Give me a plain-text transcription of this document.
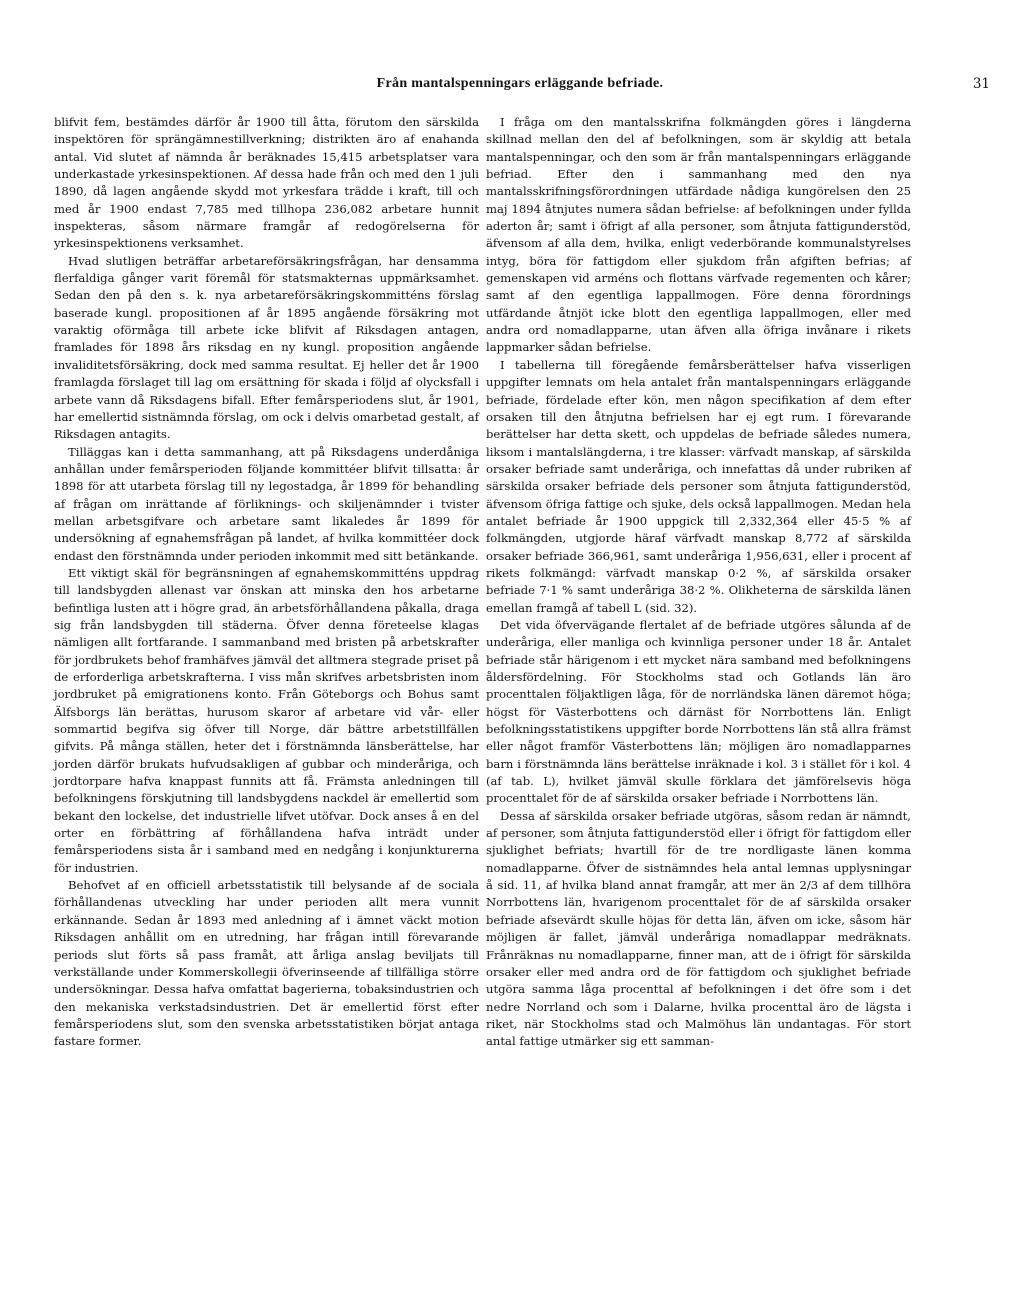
Från mantalspenningars erläggande befriade.	31

blifvit fem, bestämdes därför år 1900 till åtta, förutom den särskilda inspektören för sprängämnestillverkning; distrikten äro af enahanda antal. Vid slutet af nämnda år beräknades 15,415 arbetsplatser vara underkastade yrkesinspektionen. Af dessa hade från och med den 1 juli 1890, då lagen angående skydd mot yrkesfara trädde i kraft, till och med år 1900 endast 7,785 med tillhopa 236,082 arbetare hunnit inspekteras, såsom närmare framgår af redogörelserna för yrkesinspektionens verksamhet.

Hvad slutligen beträffar arbetareförsäkringsfrågan, har densamma flerfaldiga gånger varit föremål för statsmakternas uppmärksamhet. Sedan den på den s. k. nya arbetareförsäkringskommitténs förslag baserade kungl. propositionen af år 1895 angående försäkring mot varaktig oförmåga till arbete icke blifvit af Riksdagen antagen, framlades för 1898 års riksdag en ny kungl. proposition angående invaliditetsförsäkring, dock med samma resultat. Ej heller det år 1900 framlagda förslaget till lag om ersättning för skada i följd af olycksfall i arbete vann då Riksdagens bifall. Efter femårsperiodens slut, år 1901, har emellertid sistnämnda förslag, om ock i delvis omarbetad gestalt, af Riksdagen antagits.

Tilläggas kan i detta sammanhang, att på Riksdagens underdåniga anhållan under femårsperioden följande kommittéer blifvit tillsatta: år 1898 för att utarbeta förslag till ny legostadga, år 1899 för behandling af frågan om inrättande af förliknings- och skiljenämnder i tvister mellan arbetsgifvare och arbetare samt likaledes år 1899 för undersökning af egnahemsfrågan på landet, af hvilka kommittéer dock endast den förstnämnda under perioden inkommit med sitt betänkande.

Ett viktigt skäl för begränsningen af egnahemskommitténs uppdrag till landsbygden allenast var önskan att minska den hos arbetarne befintliga lusten att i högre grad, än arbetsförhållandena påkalla, draga sig från landsbygden till städerna. Öfver denna företeelse klagas nämligen allt fortfarande. I sammanband med bristen på arbetskrafter för jordbrukets behof framhäfves jämväl det alltmera stegrade priset på de erforderliga arbetskrafterna. I viss mån skrifves arbetsbristen inom jordbruket på emigrationens konto. Från Göteborgs och Bohus samt Älfsborgs län berättas, hurusom skaror af arbetare vid vår- eller sommartid begifva sig öfver till Norge, där bättre arbetstillfällen gifvits. På många ställen, heter det i förstnämnda länsberättelse, har jorden därför brukats hufvudsakligen af gubbar och minderåriga, och jordtorpare hafva knappast funnits att få. Främsta anledningen till befolkningens förskjutning till landsbygdens nackdel är emellertid som bekant den lockelse, det industrielle lifvet utöfvar. Dock anses å en del orter en förbättring af förhållandena hafva inträdt under femårsperiodens sista år i samband med en nedgång i konjunkturerna för industrien.

Behofvet af en officiell arbetsstatistik till belysande af de sociala förhållandenas utveckling har under perioden allt mera vunnit erkännande. Sedan år 1893 med anledning af i ämnet väckt motion Riksdagen anhållit om en utredning, har frågan intill förevarande periods slut förts så pass framåt, att årliga anslag beviljats till verkställande under Kommerskollegii öfverinseende af tillfälliga större undersökningar. Dessa hafva omfattat bagerierna, tobaksindustrien och den mekaniska verkstadsindustrien. Det är emellertid först efter femårsperiodens slut, som den svenska arbetsstatistiken börjat antaga fastare former.

I fråga om den mantalsskrifna folkmängden göres i längderna skillnad mellan den del af befolkningen, som är skyldig att betala mantalspenningar, och den som är från mantalspenningars erläggande befriad. Efter den i sammanhang med den nya mantalsskrifningsförordningen utfärdade nådiga kungörelsen den 25 maj 1894 åtnjutes numera sådan befrielse: af befolkningen under fyllda aderton år; samt i öfrigt af alla personer, som åtnjuta fattigunderstöd, äfvensom af alla dem, hvilka, enligt vederbörande kommunalstyrelses intyg, böra för fattigdom eller sjukdom från afgiften befrias; af gemenskapen vid arméns och flottans värfvade regementen och kårer; samt af den egentliga lappallmogen. Före denna förordnings utfärdande åtnjöt icke blott den egentliga lappallmogen, eller med andra ord nomadlapparne, utan äfven alla öfriga invånare i rikets lappmarker sådan befrielse.

I tabellerna till föregående femårsberättelser hafva visserligen uppgifter lemnats om hela antalet från mantalspenningars erläggande befriade, fördelade efter kön, men någon specifikation af dem efter orsaken till den åtnjutna befrielsen har ej egt rum. I förevarande berättelser har detta skett, och uppdelas de befriade således numera, liksom i mantalslängderna, i tre klasser: värfvadt manskap, af särskilda orsaker befriade samt underåriga, och innefattas då under rubriken af särskilda orsaker befriade dels personer som åtnjuta fattigunderstöd, äfvensom öfriga fattige och sjuke, dels också lappallmogen. Medan hela antalet befriade år 1900 uppgick till 2,332,364 eller 45·5 % af folkmängden, utgjorde häraf värfvadt manskap 8,772 af särskilda orsaker befriade 366,961, samt underåriga 1,956,631, eller i procent af rikets folkmängd: värfvadt manskap 0·2 %, af särskilda orsaker befriade 7·1 % samt underåriga 38·2 %. Olikheterna de särskilda länen emellan framgå af tabell L (sid. 32).

Det vida öfvervägande flertalet af de befriade utgöres sålunda af de underåriga, eller manliga och kvinnliga personer under 18 år. Antalet befriade står härigenom i ett mycket nära samband med befolkningens åldersfördelning. För Stockholms stad och Gotlands län äro procenttalen följaktligen låga, för de norrländska länen däremot höga; högst för Västerbottens och därnäst för Norrbottens län. Enligt befolkningsstatistikens uppgifter borde Norrbottens län stå allra främst eller något framför Västerbottens län; möjligen äro nomadlapparnes barn i förstnämnda läns berättelse inräknade i kol. 3 i stället för i kol. 4 (af tab. L), hvilket jämväl skulle förklara det jämförelsevis höga procenttalet för de af särskilda orsaker befriade i Norrbottens län.

Dessa af särskilda orsaker befriade utgöras, såsom redan är nämndt, af personer, som åtnjuta fattigunderstöd eller i öfrigt för fattigdom eller sjuklighet befriats; hvartill för de tre nordligaste länen komma nomadlapparne. Öfver de sistnämndes hela antal lemnas upplysningar å sid. 11, af hvilka bland annat framgår, att mer än 2/3 af dem tillhöra Norrbottens län, hvarigenom procenttalet för de af särskilda orsaker befriade afsevärdt skulle höjas för detta län, äfven om icke, såsom här möjligen är fallet, jämväl underåriga nomadlappar medräknats. Frånräknas nu nomadlapparne, finner man, att de i öfrigt för särskilda orsaker eller med andra ord de för fattigdom och sjuklighet befriade utgöra samma låga procenttal af befolkningen i det öfre som i det nedre Norrland och som i Dalarne, hvilka procenttal äro de lägsta i riket, när Stockholms stad och Malmöhus län undantagas. För stort antal fattige utmärker sig ett samman-
